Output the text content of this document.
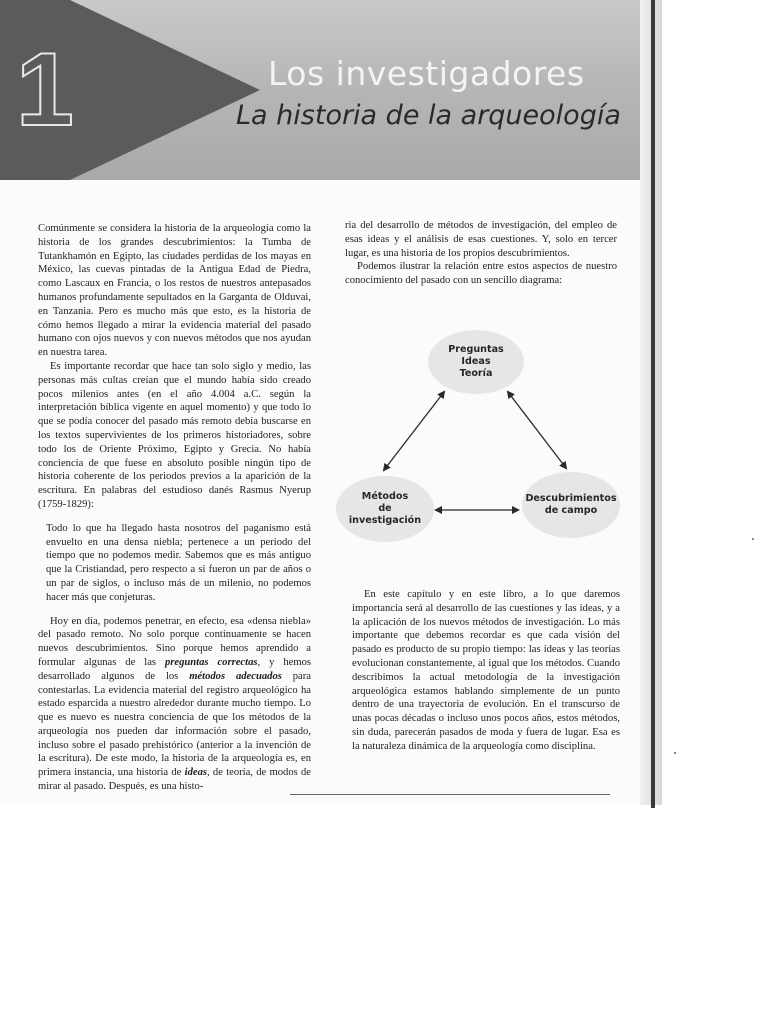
1	Los investigadores
La historia de la arqueología

Comúnmente se considera la historia de la arqueología como la historia de los grandes descubrimientos: la Tumba de Tutankhamón en Egipto, las ciudades perdidas de los mayas en México, las cuevas pintadas de la Antigua Edad de Piedra, como Lascaux en Francia, o los restos de nuestros antepasados humanos profundamente sepultados en la Garganta de Olduvai, en Tanzania. Pero es mucho más que esto, es la historia de cómo hemos llegado a mirar la evidencia material del pasado humano con ojos nuevos y con nuevos métodos que nos ayudan en nuestra tarea.

Es importante recordar que hace tan solo siglo y medio, las personas más cultas creían que el mundo había sido creado pocos milenios antes (en el año 4.004 a.C. según la interpretación bíblica vigente en aquel momento) y que todo lo que se podía conocer del pasado más remoto debía buscarse en los textos supervivientes de los primeros historiadores, sobre todo los de Oriente Próximo, Egipto y Grecia. No había conciencia de que fuese en absoluto posible ningún tipo de historia coherente de los periodos previos a la aparición de la escritura. En palabras del estudioso danés Rasmus Nyerup (1759-1829):

Todo lo que ha llegado hasta nosotros del paganismo está envuelto en una densa niebla; pertenece a un periodo del tiempo que no podemos medir. Sabemos que es más antiguo que la Cristiandad, pero respecto a si fueron un par de años o un par de siglos, o incluso más de un milenio, no podemos hacer más que conjeturas.

Hoy en día, podemos penetrar, en efecto, esa «densa niebla» del pasado remoto. No solo porque continuamente se hacen nuevos descubrimientos. Sino porque hemos aprendido a formular algunas de las preguntas correctas, y hemos desarrollado algunos de los métodos adecuados para contestarlas. La evidencia material del registro arqueológico ha estado esparcida a nuestro alrededor durante mucho tiempo. Lo que es nuevo es nuestra conciencia de que los métodos de la arqueología nos pueden dar información sobre el pasado, incluso sobre el pasado prehistórico (anterior a la invención de la escritura). De este modo, la historia de la arqueología es, en primera instancia, una historia de ideas, de teoría, de modos de mirar al pasado. Después, es una histo-

ria del desarrollo de métodos de investigación, del empleo de esas ideas y el análisis de esas cuestiones. Y, solo en tercer lugar, es una historia de los propios descubrimientos.

Podemos ilustrar la relación entre estos aspectos de nuestro conocimiento del pasado con un sencillo diagrama:

Preguntas
Ideas
Teoría
Métodos
de
investigación
Descubrimientos
de campo

En este capítulo y en este libro, a lo que daremos importancia será al desarrollo de las cuestiones y las ideas, y a la aplicación de los nuevos métodos de investigación. Lo más importante que debemos recordar es que cada visión del pasado es producto de su propio tiempo: las ideas y las teorías evolucionan constantemente, al igual que los métodos. Cuando describimos la actual metodología de la investigación arqueológica estamos hablando simplemente de un punto dentro de una trayectoria de evolución. En el transcurso de unas pocas décadas o incluso unos pocos años, estos métodos, sin duda, parecerán pasados de moda y fuera de lugar. Esa es la naturaleza dinámica de la arqueología como disciplina.
